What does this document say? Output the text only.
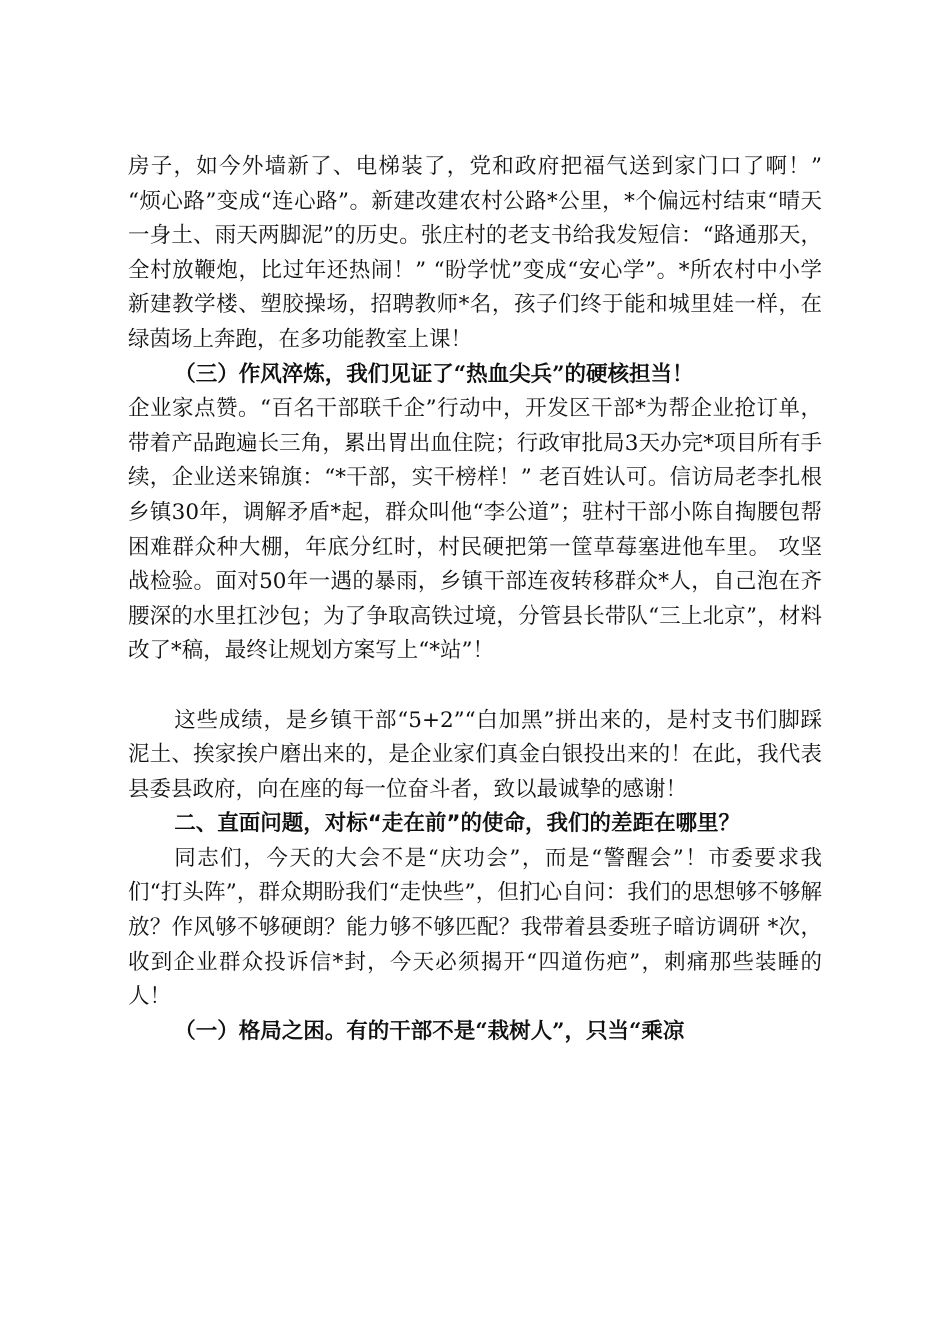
房子，如今外墙新了、电梯装了，党和政府把福气送到家门口了啊！” “烦心路”变成“连心路”。新建改建农村公路*公里，*个偏远村结束“晴天一身土、雨天两脚泥”的历史。张庄村的老支书给我发短信：“路通那天，全村放鞭炮，比过年还热闹！” “盼学忧”变成“安心学”。*所农村中小学新建教学楼、塑胶操场，招聘教师*名，孩子们终于能和城里娃一样，在绿茵场上奔跑，在多功能教室上课！

（三）作风淬炼，我们见证了“热血尖兵”的硬核担当！

企业家点赞。“百名干部联千企”行动中，开发区干部*为帮企业抢订单，带着产品跑遍长三角，累出胃出血住院；行政审批局3天办完*项目所有手续，企业送来锦旗：“*干部，实干榜样！” 老百姓认可。信访局老李扎根乡镇30年，调解矛盾*起，群众叫他“李公道”；驻村干部小陈自掏腰包帮困难群众种大棚，年底分红时，村民硬把第一筐草莓塞进他车里。 攻坚战检验。面对50年一遇的暴雨，乡镇干部连夜转移群众*人，自己泡在齐腰深的水里扛沙包；为了争取高铁过境，分管县长带队“三上北京”，材料改了*稿，最终让规划方案写上“*站”！

这些成绩，是乡镇干部“5+2”“白加黑”拼出来的，是村支书们脚踩泥土、挨家挨户磨出来的，是企业家们真金白银投出来的！在此，我代表县委县政府，向在座的每一位奋斗者，致以最诚挚的感谢！

二、直面问题，对标“走在前”的使命，我们的差距在哪里？

同志们，今天的大会不是“庆功会”，而是“警醒会”！市委要求我们“打头阵”，群众期盼我们“走快些”，但扪心自问：我们的思想够不够解放？作风够不够硬朗？能力够不够匹配？我带着县委班子暗访调研 *次，收到企业群众投诉信*封，今天必须揭开“四道伤疤”，刺痛那些装睡的人！

（一）格局之困。有的干部不是“栽树人”，只当“乘凉
